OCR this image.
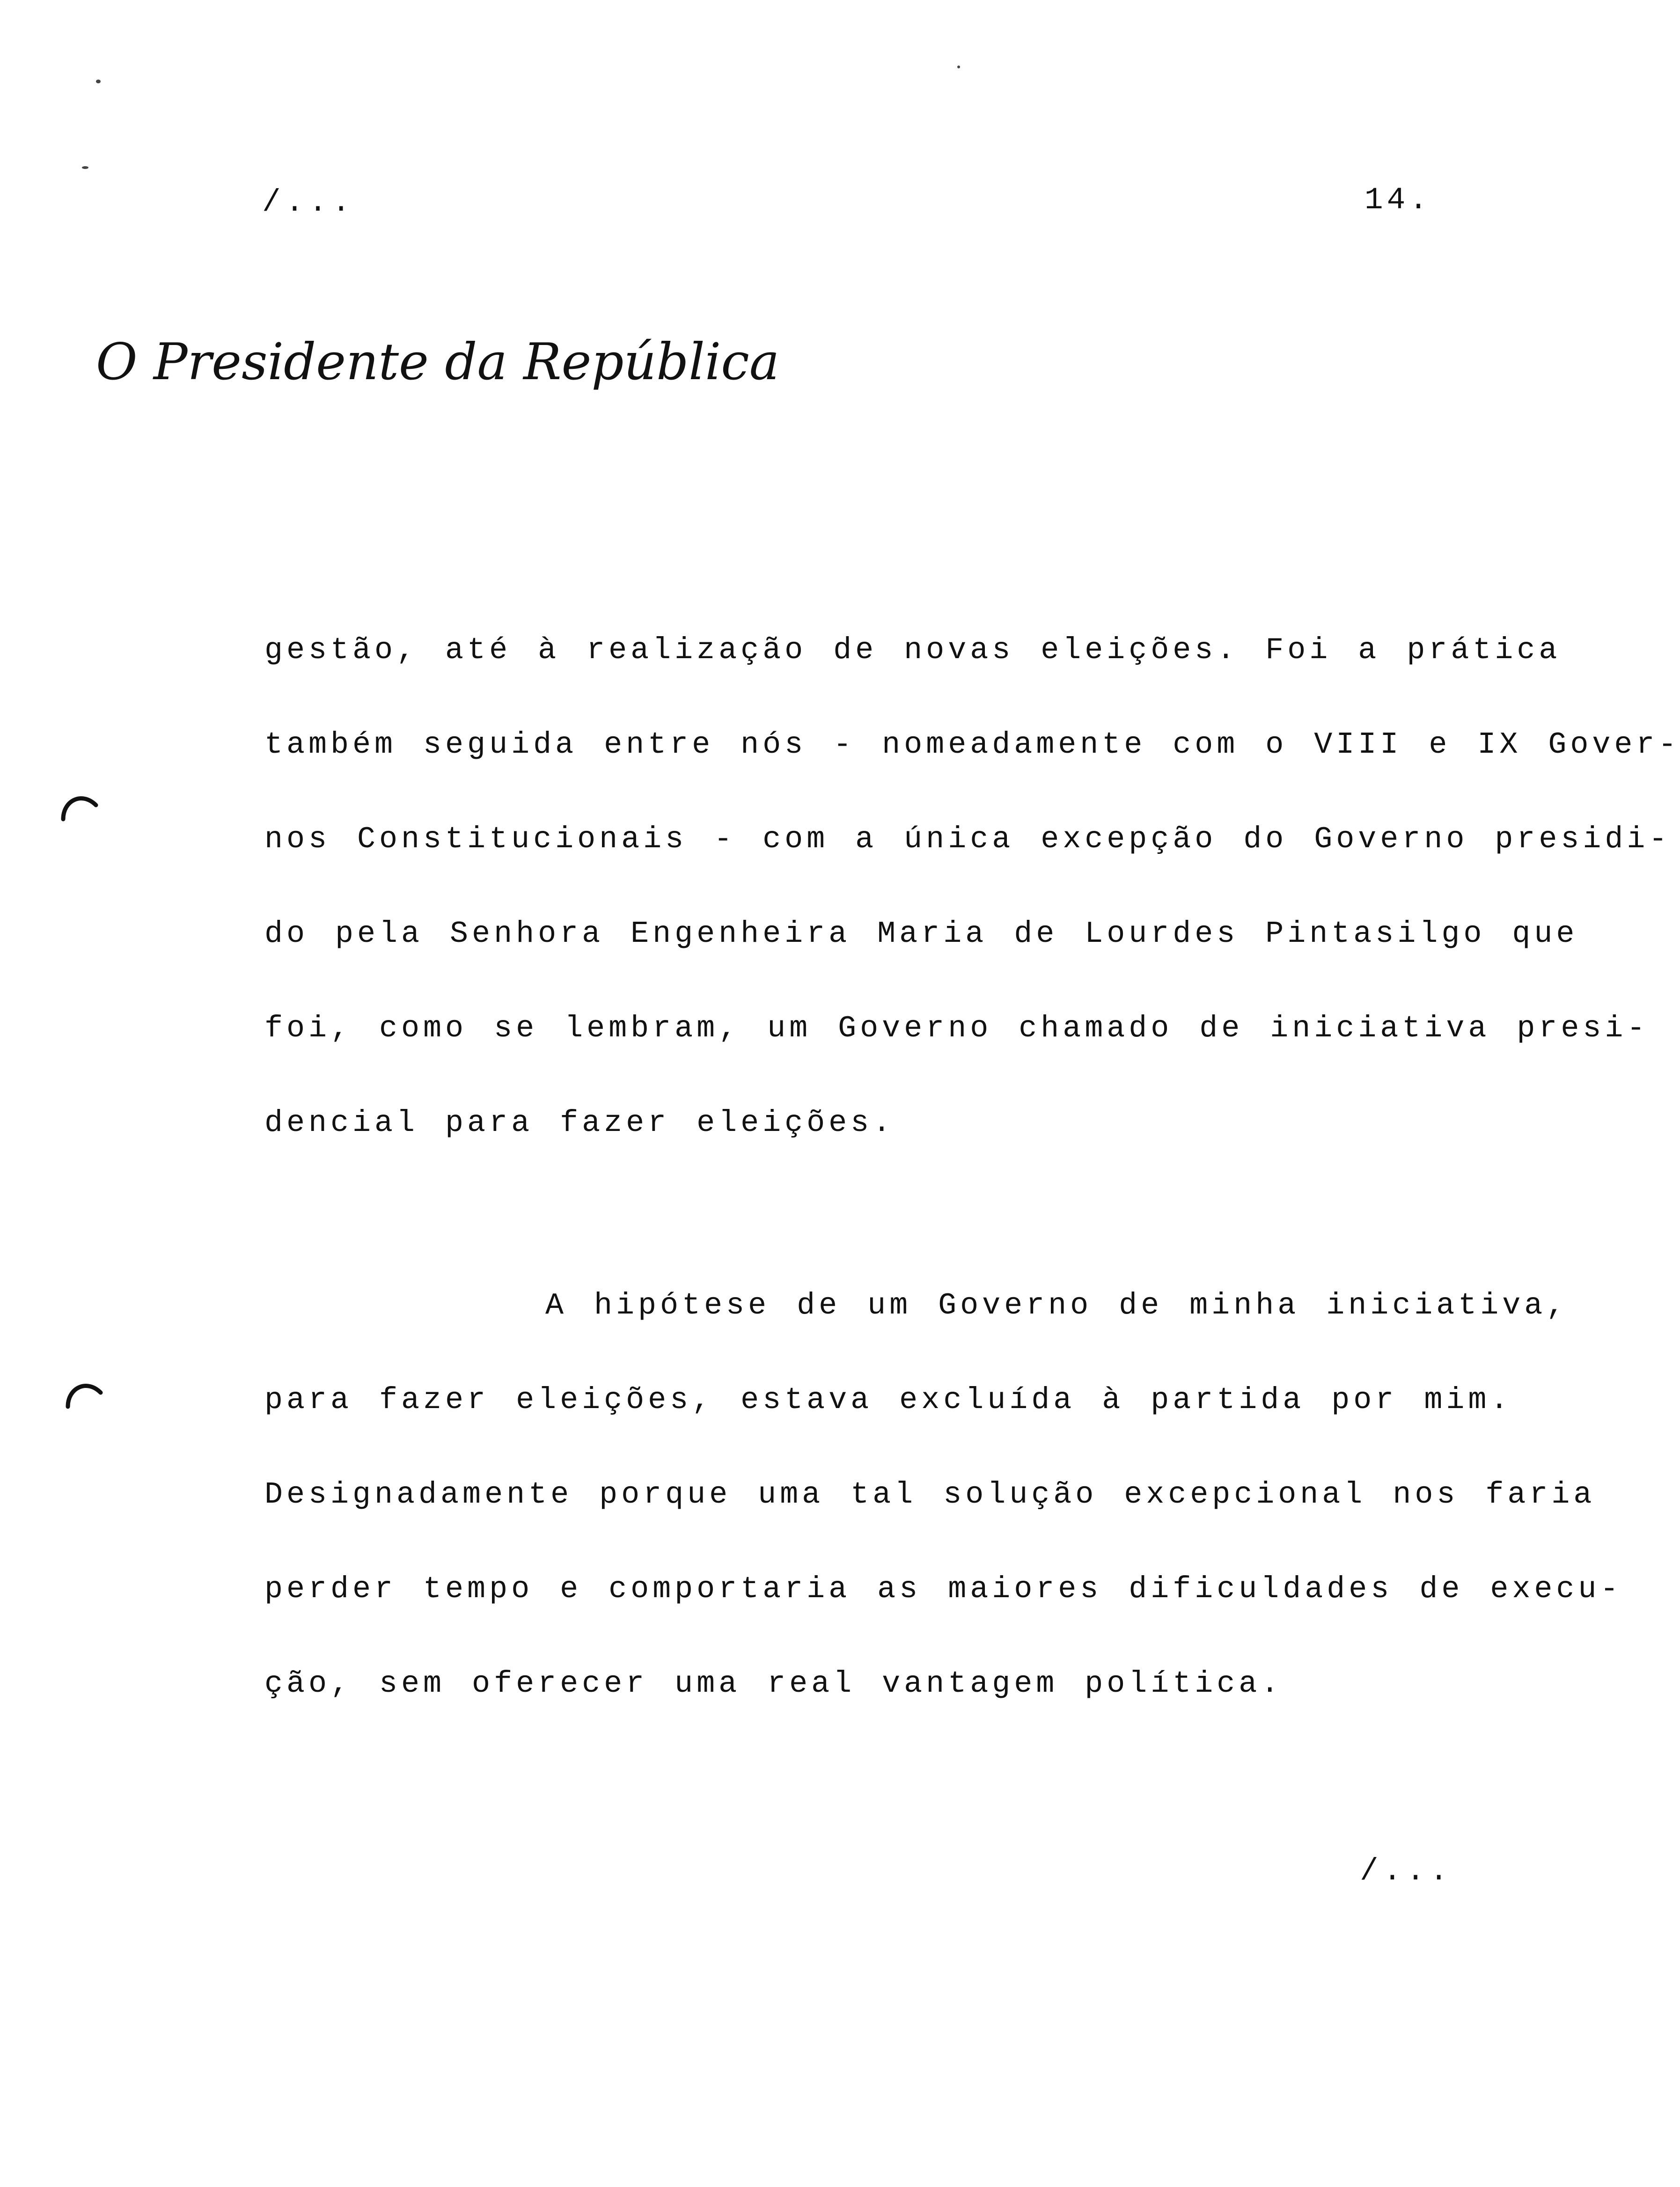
/...	14.
O Presidente da República
gestão, até à realização de novas eleições. Foi a prática
também seguida entre nós - nomeadamente com o VIII e IX Gover-
nos Constitucionais - com a única excepção do Governo presidi-
do pela Senhora Engenheira Maria de Lourdes Pintasilgo que
foi, como se lembram, um Governo chamado de iniciativa presi-
dencial para fazer eleições.
A hipótese de um Governo de minha iniciativa,
para fazer eleições, estava excluída à partida por mim.
Designadamente porque uma tal solução excepcional nos faria
perder tempo e comportaria as maiores dificuldades de execu-
ção, sem oferecer uma real vantagem política.
/...
